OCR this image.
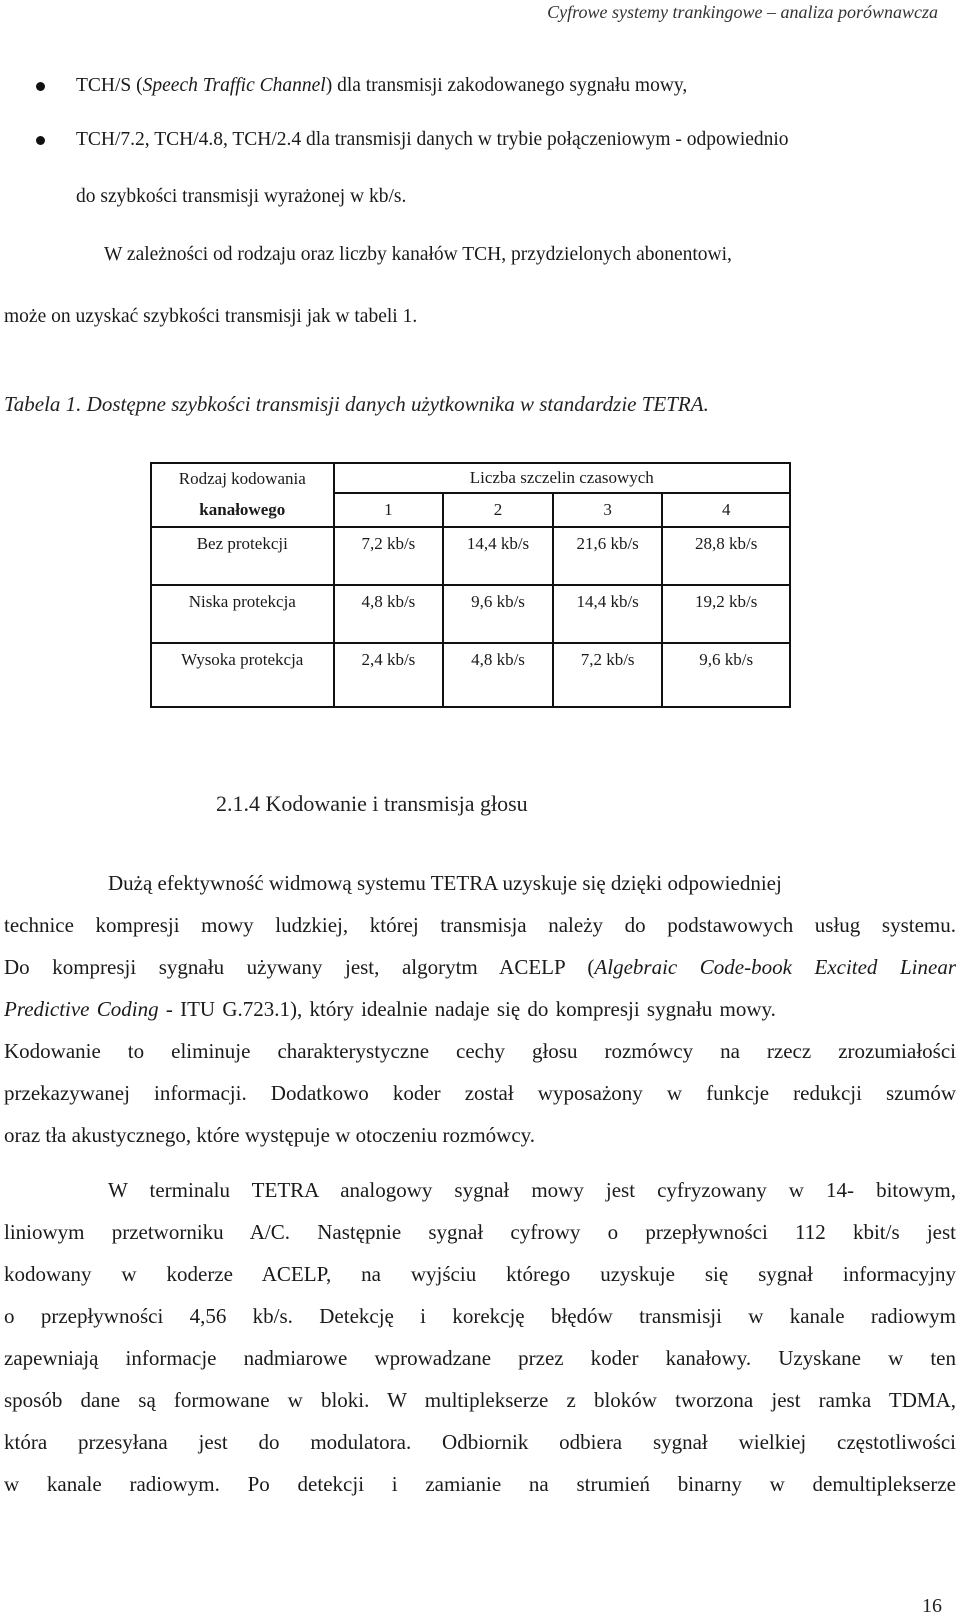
Cyfrowe systemy trankingowe – analiza porównawcza
TCH/S (Speech Traffic Channel) dla transmisji zakodowanego sygnału mowy,
TCH/7.2, TCH/4.8, TCH/2.4 dla transmisji danych w trybie połączeniowym - odpowiednio
do szybkości transmisji wyrażonej w kb/s.
W zależności od rodzaju oraz liczby kanałów TCH, przydzielonych abonentowi,
może on uzyskać szybkości transmisji jak w tabeli 1.
Tabela 1. Dostępne szybkości transmisji danych użytkownika w standardzie TETRA.
Rodzaj kodowania	Liczba szczelin czasowych			
kanałowego	1	2	3	4
Bez protekcji	7,2 kb/s	14,4 kb/s	21,6 kb/s	28,8 kb/s
Niska protekcja	4,8 kb/s	9,6 kb/s	14,4 kb/s	19,2 kb/s
Wysoka protekcja	2,4 kb/s	4,8 kb/s	7,2 kb/s	9,6 kb/s
2.1.4 Kodowanie i transmisja głosu
Dużą efektywność widmową systemu TETRA uzyskuje się dzięki odpowiedniej
technice kompresji mowy ludzkiej, której transmisja należy do podstawowych usług systemu.
Do kompresji sygnału używany jest, algorytm ACELP (Algebraic Code-book Excited Linear
Predictive Coding - ITU G.723.1), który idealnie nadaje się do kompresji sygnału mowy.
Kodowanie to eliminuje charakterystyczne cechy głosu rozmówcy na rzecz zrozumiałości
przekazywanej informacji. Dodatkowo koder został wyposażony w funkcje redukcji szumów
oraz tła akustycznego, które występuje w otoczeniu rozmówcy.
W terminalu TETRA analogowy sygnał mowy jest cyfryzowany w 14- bitowym,
liniowym przetworniku A/C. Następnie sygnał cyfrowy o przepływności 112 kbit/s jest
kodowany w koderze ACELP, na wyjściu którego uzyskuje się sygnał informacyjny
o przepływności 4,56 kb/s. Detekcję i korekcję błędów transmisji w kanale radiowym
zapewniają informacje nadmiarowe wprowadzane przez koder kanałowy. Uzyskane w ten
sposób dane są formowane w bloki. W multiplekserze z bloków tworzona jest ramka TDMA,
która przesyłana jest do modulatora. Odbiornik odbiera sygnał wielkiej częstotliwości
w kanale radiowym. Po detekcji i zamianie na strumień binarny w demultiplekserze
16
